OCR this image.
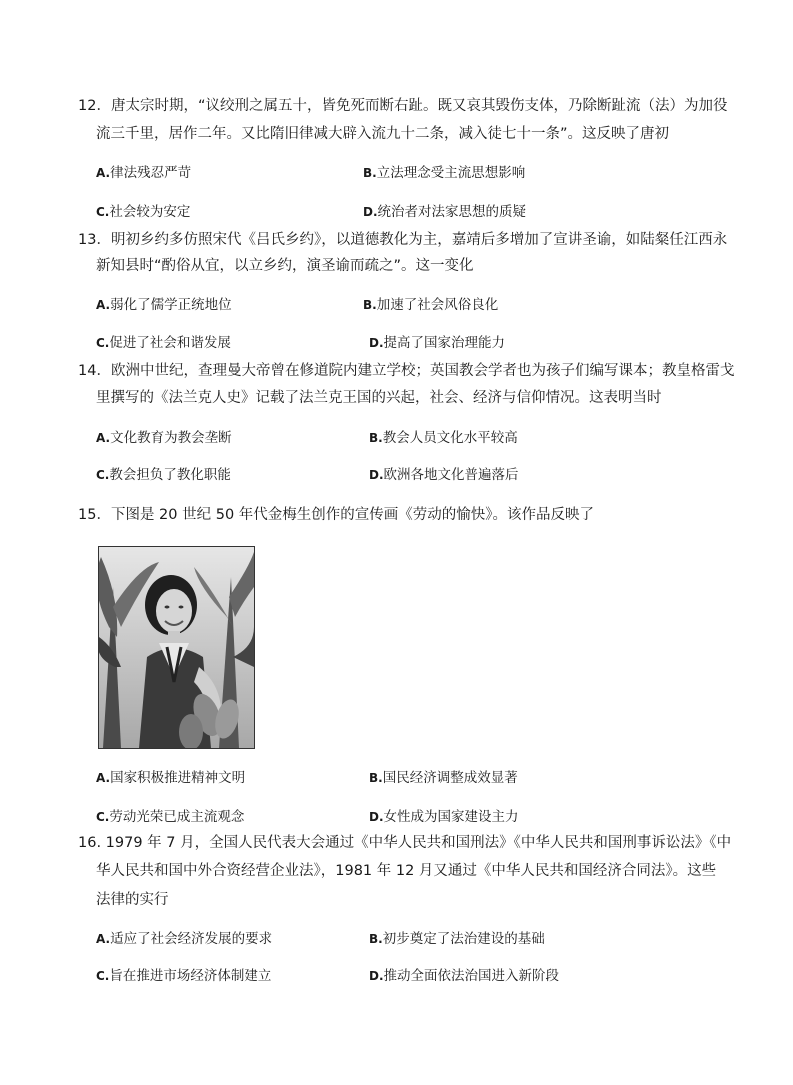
12．唐太宗时期，“议绞刑之属五十，皆免死而断右趾。既又哀其毁伤支体，乃除断趾流（法）为加役
流三千里，居作二年。又比隋旧律减大辟入流九十二条，减入徒七十一条”。这反映了唐初
A.律法残忍严苛	B.立法理念受主流思想影响
C.社会较为安定	D.统治者对法家思想的质疑
13．明初乡约多仿照宋代《吕氏乡约》，以道德教化为主，嘉靖后多增加了宣讲圣谕，如陆粲任江西永
新知县时“酌俗从宜，以立乡约，演圣谕而疏之”。这一变化
A.弱化了儒学正统地位	B.加速了社会风俗良化
C.促进了社会和谐发展	D.提高了国家治理能力
14．欧洲中世纪，查理曼大帝曾在修道院内建立学校；英国教会学者也为孩子们编写课本；教皇格雷戈
里撰写的《法兰克人史》记载了法兰克王国的兴起，社会、经济与信仰情况。这表明当时
A.文化教育为教会垄断	B.教会人员文化水平较高
C.教会担负了教化职能	D.欧洲各地文化普遍落后
15．下图是 20 世纪 50 年代金梅生创作的宣传画《劳动的愉快》。该作品反映了
A.国家积极推进精神文明	B.国民经济调整成效显著
C.劳动光荣已成主流观念	D.女性成为国家建设主力
16. 1979 年 7 月，全国人民代表大会通过《中华人民共和国刑法》《中华人民共和国刑事诉讼法》《中
华人民共和国中外合资经营企业法》，1981 年 12 月又通过《中华人民共和国经济合同法》。这些
法律的实行
A.适应了社会经济发展的要求	B.初步奠定了法治建设的基础
C.旨在推进市场经济体制建立	D.推动全面依法治国进入新阶段
